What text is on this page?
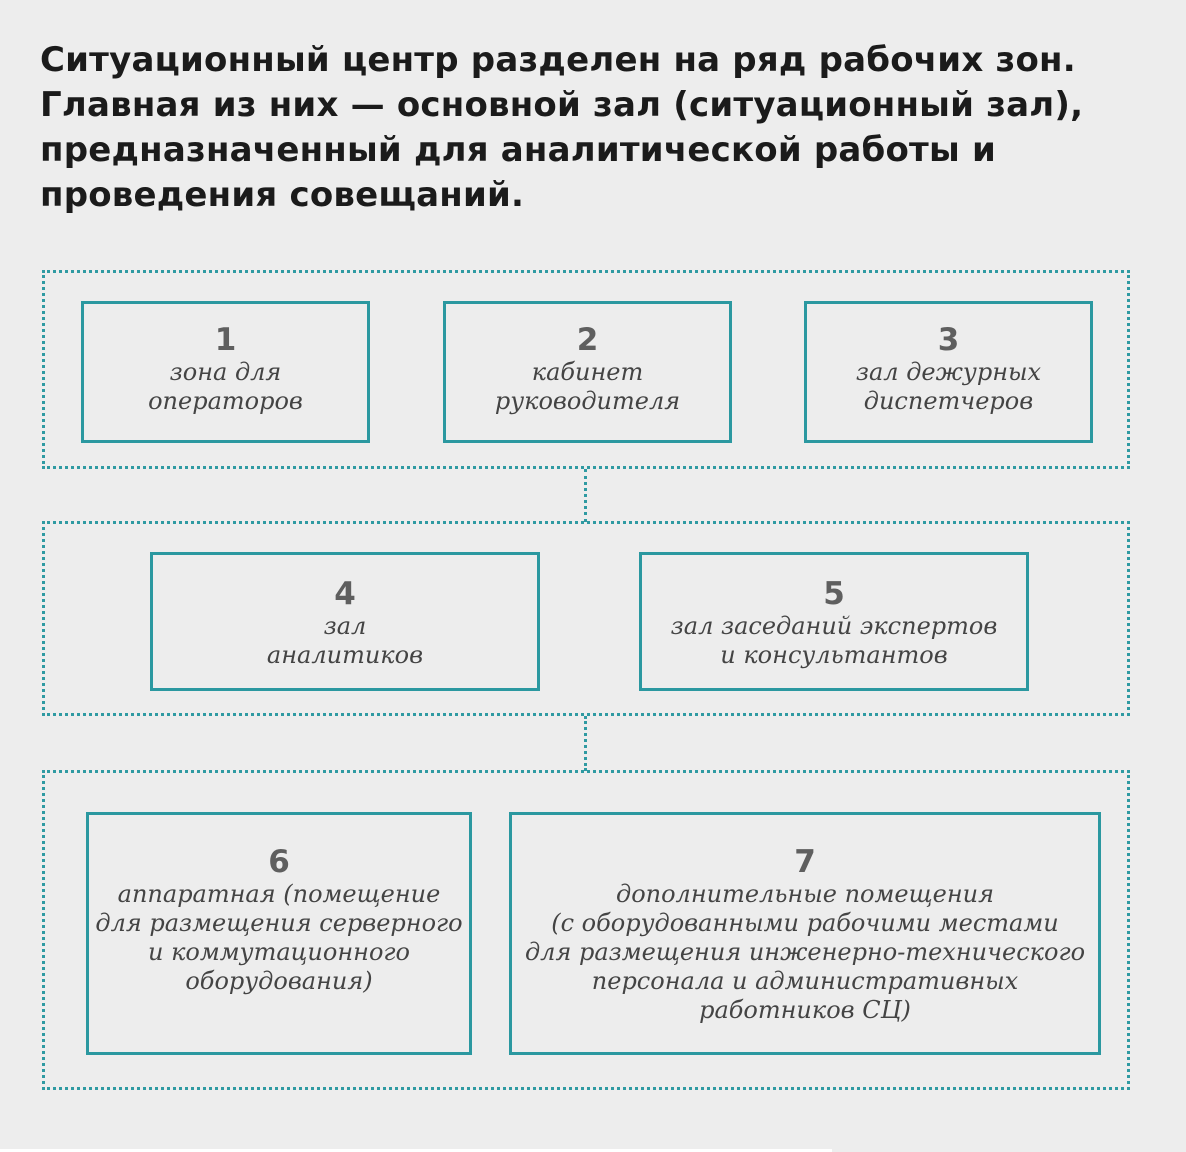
Ситуационный центр разделен на ряд рабочих зон.
Главная из них — основной зал (ситуационный зал),
предназначенный для аналитической работы и
проведения совещаний.
1
зона для
операторов
2
кабинет
руководителя
3
зал дежурных
диспетчеров
4
зал
аналитиков
5
зал заседаний экспертов
и консультантов
6
аппаратная (помещение
для размещения серверного
и коммутационного
оборудования)
7
дополнительные помещения
(с оборудованными рабочими местами
для размещения инженерно-технического
персонала и административных
работников СЦ)
